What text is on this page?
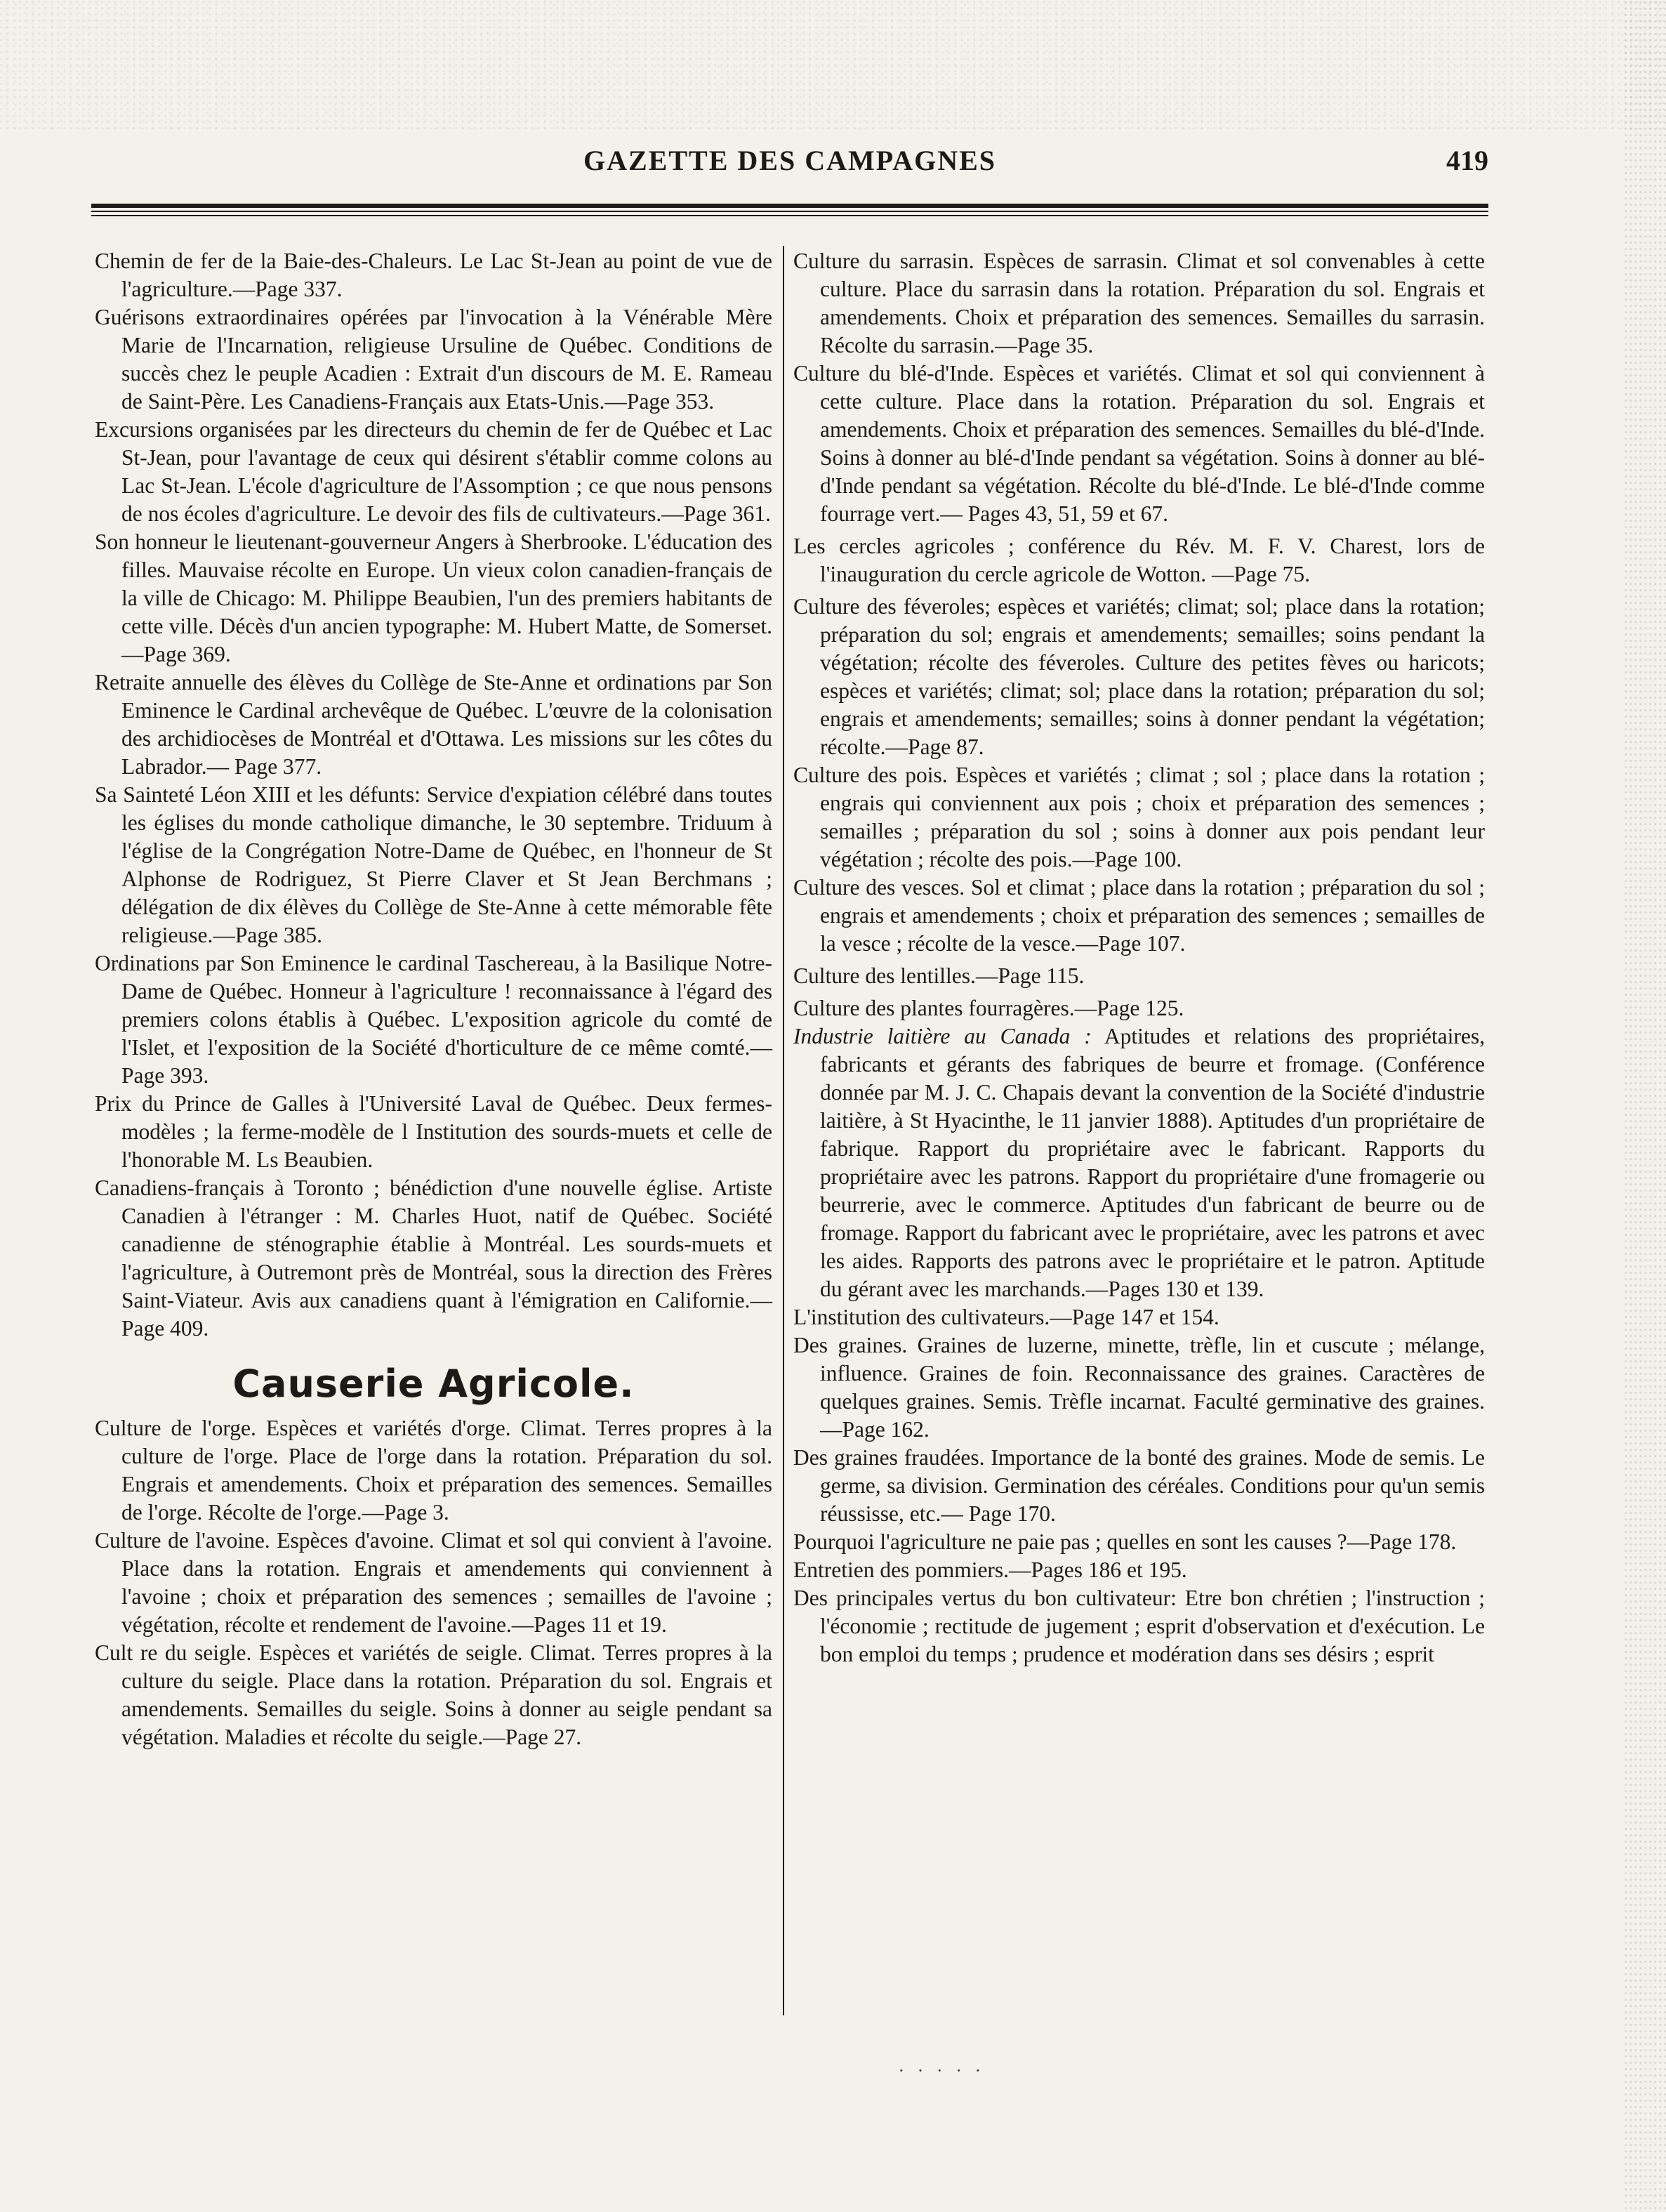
GAZETTE DES CAMPAGNES	419

Chemin de fer de la Baie-des-Chaleurs. Le Lac St-Jean au point de vue de l'agriculture.—Page 337.

Guérisons extraordinaires opérées par l'invocation à la Vénérable Mère Marie de l'Incarnation, religieuse Ursuline de Québec. Conditions de succès chez le peuple Acadien : Extrait d'un discours de M. E. Rameau de Saint-Père. Les Canadiens-Français aux Etats-Unis.—Page 353.

Excursions organisées par les directeurs du chemin de fer de Québec et Lac St-Jean, pour l'avantage de ceux qui désirent s'établir comme colons au Lac St-Jean. L'école d'agriculture de l'Assomption ; ce que nous pensons de nos écoles d'agriculture. Le devoir des fils de cultivateurs.—Page 361.

Son honneur le lieutenant-gouverneur Angers à Sherbrooke. L'éducation des filles. Mauvaise récolte en Europe. Un vieux colon canadien-français de la ville de Chicago: M. Philippe Beaubien, l'un des premiers habitants de cette ville. Décès d'un ancien typographe: M. Hubert Matte, de Somerset.—Page 369.

Retraite annuelle des élèves du Collège de Ste-Anne et ordinations par Son Eminence le Cardinal archevêque de Québec. L'œuvre de la colonisation des archidiocèses de Montréal et d'Ottawa. Les missions sur les côtes du Labrador.— Page 377.

Sa Sainteté Léon XIII et les défunts: Service d'expiation célébré dans toutes les églises du monde catholique dimanche, le 30 septembre. Triduum à l'église de la Congrégation Notre-Dame de Québec, en l'honneur de St Alphonse de Rodriguez, St Pierre Claver et St Jean Berchmans ; délégation de dix élèves du Collège de Ste-Anne à cette mémorable fête religieuse.—Page 385.

Ordinations par Son Eminence le cardinal Taschereau, à la Basilique Notre-Dame de Québec. Honneur à l'agriculture ! reconnaissance à l'égard des premiers colons établis à Québec. L'exposition agricole du comté de l'Islet, et l'exposition de la Société d'horticulture de ce même comté.—Page 393.

Prix du Prince de Galles à l'Université Laval de Québec. Deux fermes-modèles ; la ferme-modèle de l Institution des sourds-muets et celle de l'honorable M. Ls Beaubien.

Canadiens-français à Toronto ; bénédiction d'une nouvelle église. Artiste Canadien à l'étranger : M. Charles Huot, natif de Québec. Société canadienne de sténographie établie à Montréal. Les sourds-muets et l'agriculture, à Outremont près de Montréal, sous la direction des Frères Saint-Viateur. Avis aux canadiens quant à l'émigration en Californie.—Page 409.

Causerie Agricole.

Culture de l'orge. Espèces et variétés d'orge. Climat. Terres propres à la culture de l'orge. Place de l'orge dans la rotation. Préparation du sol. Engrais et amendements. Choix et préparation des semences. Semailles de l'orge. Récolte de l'orge.—Page 3.

Culture de l'avoine. Espèces d'avoine. Climat et sol qui convient à l'avoine. Place dans la rotation. Engrais et amendements qui conviennent à l'avoine ; choix et préparation des semences ; semailles de l'avoine ; végétation, récolte et rendement de l'avoine.—Pages 11 et 19.

Cult re du seigle. Espèces et variétés de seigle. Climat. Terres propres à la culture du seigle. Place dans la rotation. Préparation du sol. Engrais et amendements. Semailles du seigle. Soins à donner au seigle pendant sa végétation. Maladies et récolte du seigle.—Page 27.

Culture du sarrasin. Espèces de sarrasin. Climat et sol convenables à cette culture. Place du sarrasin dans la rotation. Préparation du sol. Engrais et amendements. Choix et préparation des semences. Semailles du sarrasin. Récolte du sarrasin.—Page 35.

Culture du blé-d'Inde. Espèces et variétés. Climat et sol qui conviennent à cette culture. Place dans la rotation. Préparation du sol. Engrais et amendements. Choix et préparation des semences. Semailles du blé-d'Inde. Soins à donner au blé-d'Inde pendant sa végétation. Soins à donner au blé-d'Inde pendant sa végétation. Récolte du blé-d'Inde. Le blé-d'Inde comme fourrage vert.— Pages 43, 51, 59 et 67.

Les cercles agricoles ; conférence du Rév. M. F. V. Charest, lors de l'inauguration du cercle agricole de Wotton. —Page 75.

Culture des féveroles; espèces et variétés; climat; sol; place dans la rotation; préparation du sol; engrais et amendements; semailles; soins pendant la végétation; récolte des féveroles. Culture des petites fèves ou haricots; espèces et variétés; climat; sol; place dans la rotation; préparation du sol; engrais et amendements; semailles; soins à donner pendant la végétation; récolte.—Page 87.

Culture des pois. Espèces et variétés ; climat ; sol ; place dans la rotation ; engrais qui conviennent aux pois ; choix et préparation des semences ; semailles ; préparation du sol ; soins à donner aux pois pendant leur végétation ; récolte des pois.—Page 100.

Culture des vesces. Sol et climat ; place dans la rotation ; préparation du sol ; engrais et amendements ; choix et préparation des semences ; semailles de la vesce ; récolte de la vesce.—Page 107.

Culture des lentilles.—Page 115.

Culture des plantes fourragères.—Page 125.

Industrie laitière au Canada : Aptitudes et relations des propriétaires, fabricants et gérants des fabriques de beurre et fromage. (Conférence donnée par M. J. C. Chapais devant la convention de la Société d'industrie laitière, à St Hyacinthe, le 11 janvier 1888). Aptitudes d'un propriétaire de fabrique. Rapport du propriétaire avec le fabricant. Rapports du propriétaire avec les patrons. Rapport du propriétaire d'une fromagerie ou beurrerie, avec le commerce. Aptitudes d'un fabricant de beurre ou de fromage. Rapport du fabricant avec le propriétaire, avec les patrons et avec les aides. Rapports des patrons avec le propriétaire et le patron. Aptitude du gérant avec les marchands.—Pages 130 et 139.

L'institution des cultivateurs.—Page 147 et 154.

Des graines. Graines de luzerne, minette, trèfle, lin et cuscute ; mélange, influence. Graines de foin. Reconnaissance des graines. Caractères de quelques graines. Semis. Trèfle incarnat. Faculté germinative des graines. —Page 162.

Des graines fraudées. Importance de la bonté des graines. Mode de semis. Le germe, sa division. Germination des céréales. Conditions pour qu'un semis réussisse, etc.— Page 170.

Pourquoi l'agriculture ne paie pas ; quelles en sont les causes ?—Page 178.

Entretien des pommiers.—Pages 186 et 195.

Des principales vertus du bon cultivateur: Etre bon chrétien ; l'instruction ; l'économie ; rectitude de jugement ; esprit d'observation et d'exécution. Le bon emploi du temps ; prudence et modération dans ses désirs ; esprit

· · · · ·
